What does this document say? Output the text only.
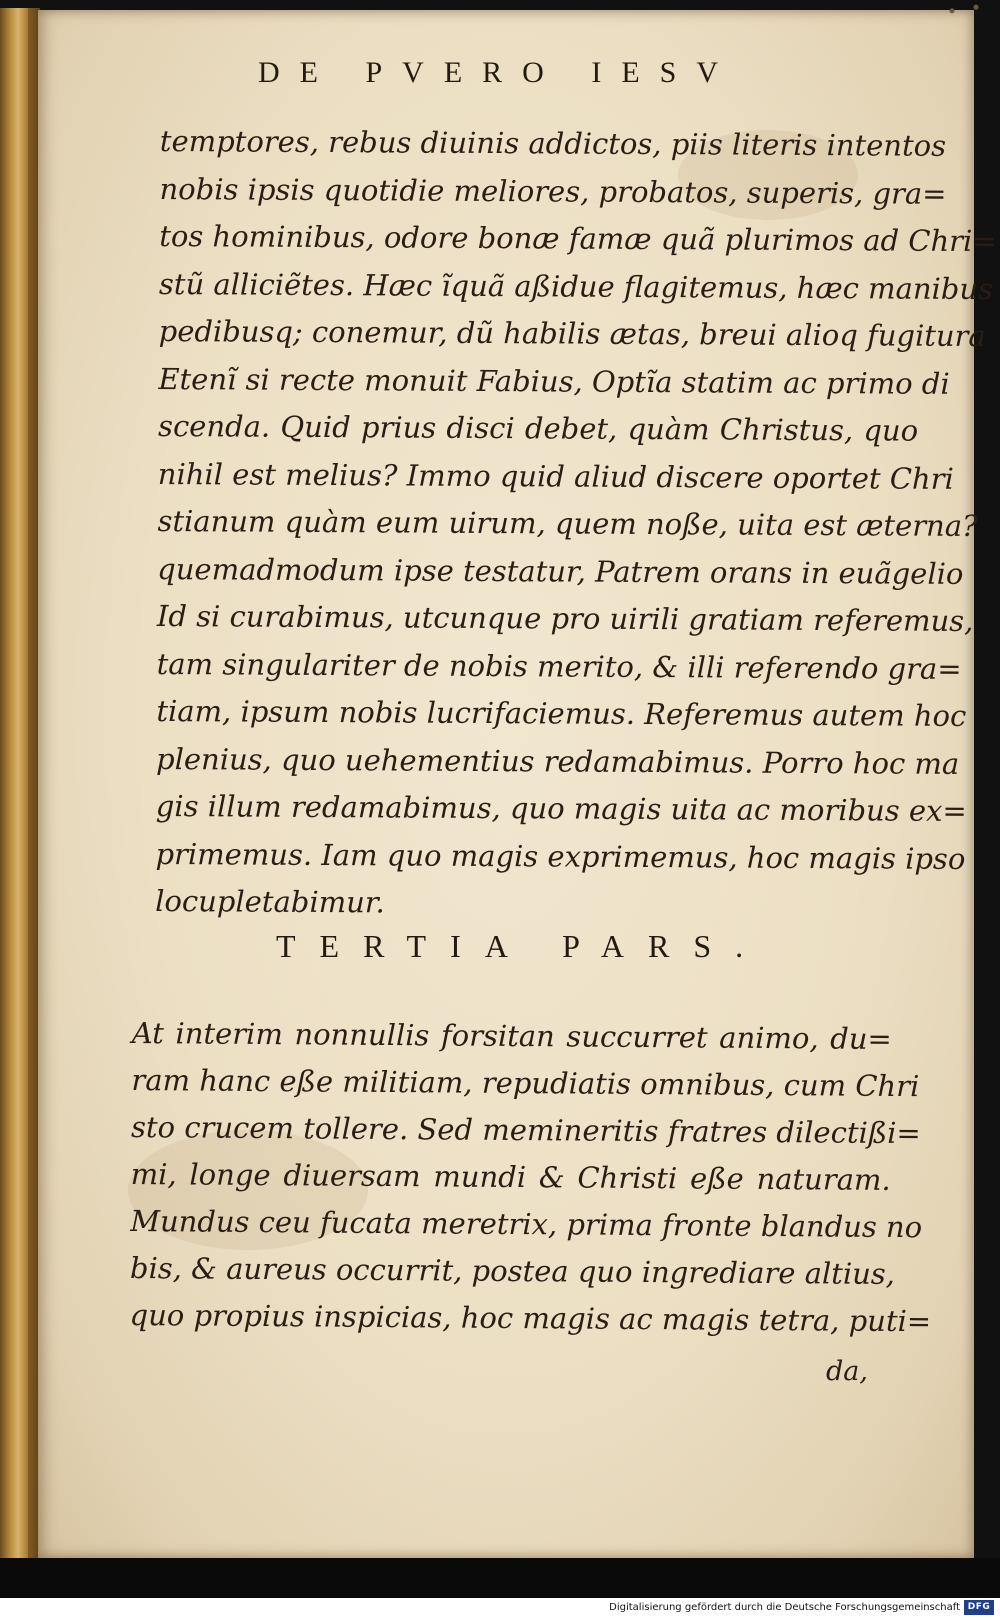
DE PVERO IESV
temptores, rebus diuinis addictos, piis literis intentos
nobis ipsis quotidie meliores, probatos, superis, gra=
tos hominibus, odore bonæ famæ quã plurimos ad Chri=
stũ alliciẽtes. Hæc ĩquã aßidue flagitemus, hæc manibus
pedibusq; conemur, dũ habilis ætas, breui alioq fugitura
Etenĩ si recte monuit Fabius, Optĩa statim ac primo di
scenda. Quid prius disci debet, quàm Christus, quo
nihil est melius? Immo quid aliud discere oportet Chri
stianum quàm eum uirum, quem noße, uita est æterna?
quemadmodum ipse testatur, Patrem orans in euãgelio
Id si curabimus, utcunque pro uirili gratiam referemus,
tam singulariter de nobis merito, & illi referendo gra=
tiam, ipsum nobis lucrifaciemus. Referemus autem hoc
plenius, quo uehementius redamabimus. Porro hoc ma
gis illum redamabimus, quo magis uita ac moribus ex=
primemus. Iam quo magis exprimemus, hoc magis ipso
locupletabimur.
TERTIA PARS.
At interim nonnullis forsitan succurret animo, du=
ram hanc eße militiam, repudiatis omnibus, cum Chri
sto crucem tollere. Sed memineritis fratres dilectißi=
mi, longe diuersam mundi & Christi eße naturam.
Mundus ceu fucata meretrix, prima fronte blandus no
bis, & aureus occurrit, postea quo ingrediare altius,
quo propius inspicias, hoc magis ac magis tetra, puti=
da,
Digitalisierung gefördert durch die Deutsche Forschungsgemeinschaft DFG
